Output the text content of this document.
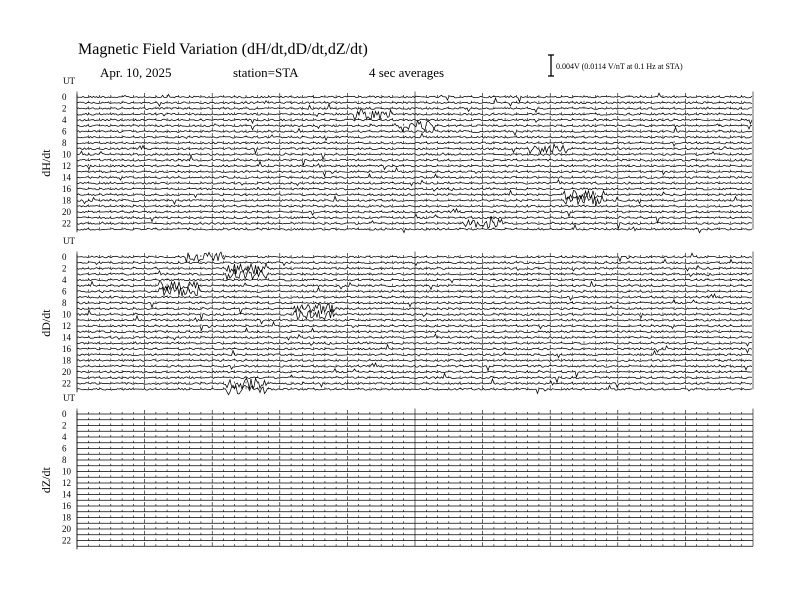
Magnetic Field Variation (dH/dt,dD/dt,dZ/dt)
Apr. 10, 2025	station=STA	4 sec averages	0.004V (0.0114 V/nT at 0.1 Hz at STA)
UT
dH/dt
0
2
4
6
8
10
12
14
16
18
20
22
UT
dD/dt
0
2
4
6
8
10
12
14
16
18
20
22
UT
dZ/dt
0
2
4
6
8
10
12
14
16
18
20
22
